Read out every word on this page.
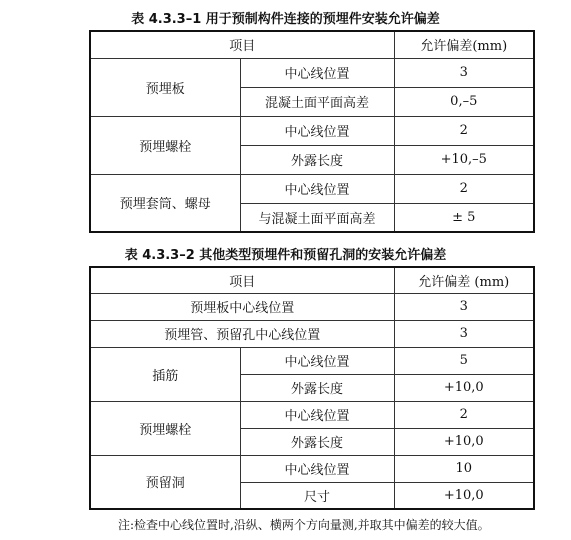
表 4.3.3–1 用于预制构件连接的预埋件安装允许偏差
项目		允许偏差(mm)
预埋板	中心线位置	3
	混凝土面平面高差	0,–5
预埋螺栓	中心线位置	2
	外露长度	+10,–5
预埋套筒、螺母	中心线位置	2
	与混凝土面平面高差	± 5
表 4.3.3–2 其他类型预埋件和预留孔洞的安装允许偏差
项目		允许偏差 (mm)
预埋板中心线位置		3
预埋管、预留孔中心线位置		3
插筋	中心线位置	5
	外露长度	+10,0
预埋螺栓	中心线位置	2
	外露长度	+10,0
预留洞	中心线位置	10
	尺寸	+10,0
注:检查中心线位置时,沿纵、横两个方向量测,并取其中偏差的较大值。
